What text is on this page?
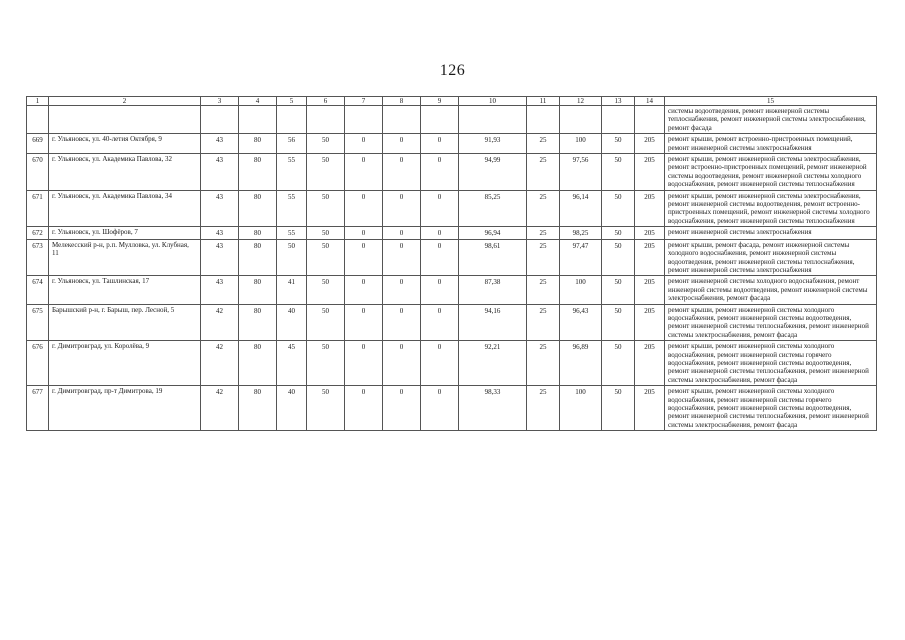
126
1	2	3	4	5	6	7	8	9	10	11	12	13	14	15
														системы водоотведения, ремонт инженерной системы теплоснабжения, ремонт инженерной системы электроснабжения, ремонт фасада
669	г. Ульяновск, ул. 40-летия Октября, 9	43	80	56	50	0	0	0	91,93	25	100	50	205	ремонт крыши, ремонт встроенно-пристроенных помещений, ремонт инженерной системы электроснабжения
670	г. Ульяновск, ул. Академика Павлова, 32	43	80	55	50	0	0	0	94,99	25	97,56	50	205	ремонт крыши, ремонт инженерной системы электроснабжения, ремонт встроенно-пристроенных помещений, ремонт инженерной системы водоотведения, ремонт инженерной системы холодного водоснабжения, ремонт инженерной системы теплоснабжения
671	г. Ульяновск, ул. Академика Павлова, 34	43	80	55	50	0	0	0	85,25	25	96,14	50	205	ремонт крыши, ремонт инженерной системы электроснабжения, ремонт инженерной системы водоотведения, ремонт встроенно-пристроенных помещений, ремонт инженерной системы холодного водоснабжения, ремонт инженерной системы теплоснабжения
672	г. Ульяновск, ул. Шофёров, 7	43	80	55	50	0	0	0	96,94	25	98,25	50	205	ремонт инженерной системы электроснабжения
673	Мелекесский р-н, р.п. Мулловка, ул. Клубная, 11	43	80	50	50	0	0	0	98,61	25	97,47	50	205	ремонт крыши, ремонт фасада, ремонт инженерной системы холодного водоснабжения, ремонт инженерной системы водоотведения, ремонт инженерной системы теплоснабжения, ремонт инженерной системы электроснабжения
674	г. Ульяновск, ул. Ташлинская, 17	43	80	41	50	0	0	0	87,38	25	100	50	205	ремонт инженерной системы холодного водоснабжения, ремонт инженерной системы водоотведения, ремонт инженерной системы электроснабжения, ремонт фасада
675	Барышский р-н, г. Барыш, пер. Лесной, 5	42	80	40	50	0	0	0	94,16	25	96,43	50	205	ремонт крыши, ремонт инженерной системы холодного водоснабжения, ремонт инженерной системы водоотведения, ремонт инженерной системы теплоснабжения, ремонт инженерной системы электроснабжения, ремонт фасада
676	г. Димитровград, ул. Королёва, 9	42	80	45	50	0	0	0	92,21	25	96,89	50	205	ремонт крыши, ремонт инженерной системы холодного водоснабжения, ремонт инженерной системы горячего водоснабжения, ремонт инженерной системы водоотведения, ремонт инженерной системы теплоснабжения, ремонт инженерной системы электроснабжения, ремонт фасада
677	г. Димитровград, пр-т Димитрова, 19	42	80	40	50	0	0	0	98,33	25	100	50	205	ремонт крыши, ремонт инженерной системы холодного водоснабжения, ремонт инженерной системы горячего водоснабжения, ремонт инженерной системы водоотведения, ремонт инженерной системы теплоснабжения, ремонт инженерной системы электроснабжения, ремонт фасада
